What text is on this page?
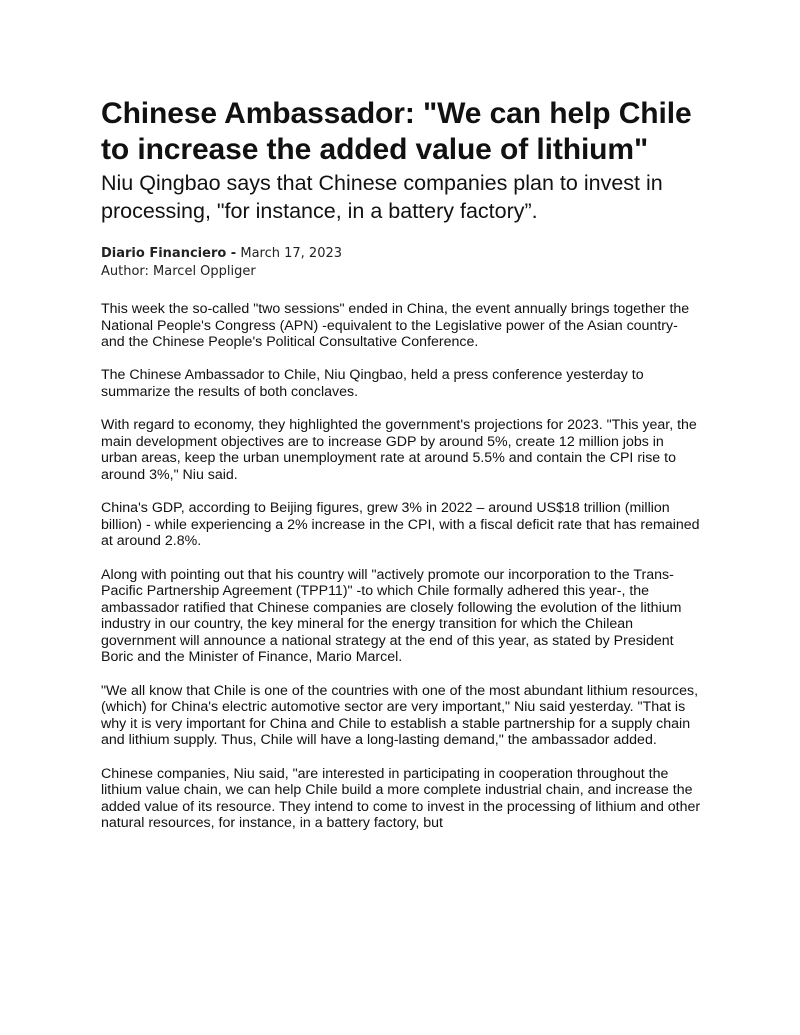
Chinese Ambassador: "We can help Chile to increase the added value of lithium"
Niu Qingbao says that Chinese companies plan to invest in processing, "for instance, in a battery factory”.
Diario Financiero - March 17, 2023
Author: Marcel Oppliger

This week the so-called "two sessions" ended in China, the event annually brings together the National People's Congress (APN) -equivalent to the Legislative power of the Asian country- and the Chinese People's Political Consultative Conference.

The Chinese Ambassador to Chile, Niu Qingbao, held a press conference yesterday to summarize the results of both conclaves.

With regard to economy, they highlighted the government's projections for 2023. "This year, the main development objectives are to increase GDP by around 5%, create 12 million jobs in urban areas, keep the urban unemployment rate at around 5.5% and contain the CPI rise to around 3%," Niu said.

China's GDP, according to Beijing figures, grew 3% in 2022 – around US$18 trillion (million billion) - while experiencing a 2% increase in the CPI, with a fiscal deficit rate that has remained at around 2.8%.

Along with pointing out that his country will "actively promote our incorporation to the Trans-Pacific Partnership Agreement (TPP11)" -to which Chile formally adhered this year-, the ambassador ratified that Chinese companies are closely following the evolution of the lithium industry in our country, the key mineral for the energy transition for which the Chilean government will announce a national strategy at the end of this year, as stated by President Boric and the Minister of Finance, Mario Marcel.

"We all know that Chile is one of the countries with one of the most abundant lithium resources, (which) for China's electric automotive sector are very important," Niu said yesterday. "That is why it is very important for China and Chile to establish a stable partnership for a supply chain and lithium supply. Thus, Chile will have a long-lasting demand," the ambassador added.

Chinese companies, Niu said, "are interested in participating in cooperation throughout the lithium value chain, we can help Chile build a more complete industrial chain, and increase the added value of its resource. They intend to come to invest in the processing of lithium and other natural resources, for instance, in a battery factory, but
